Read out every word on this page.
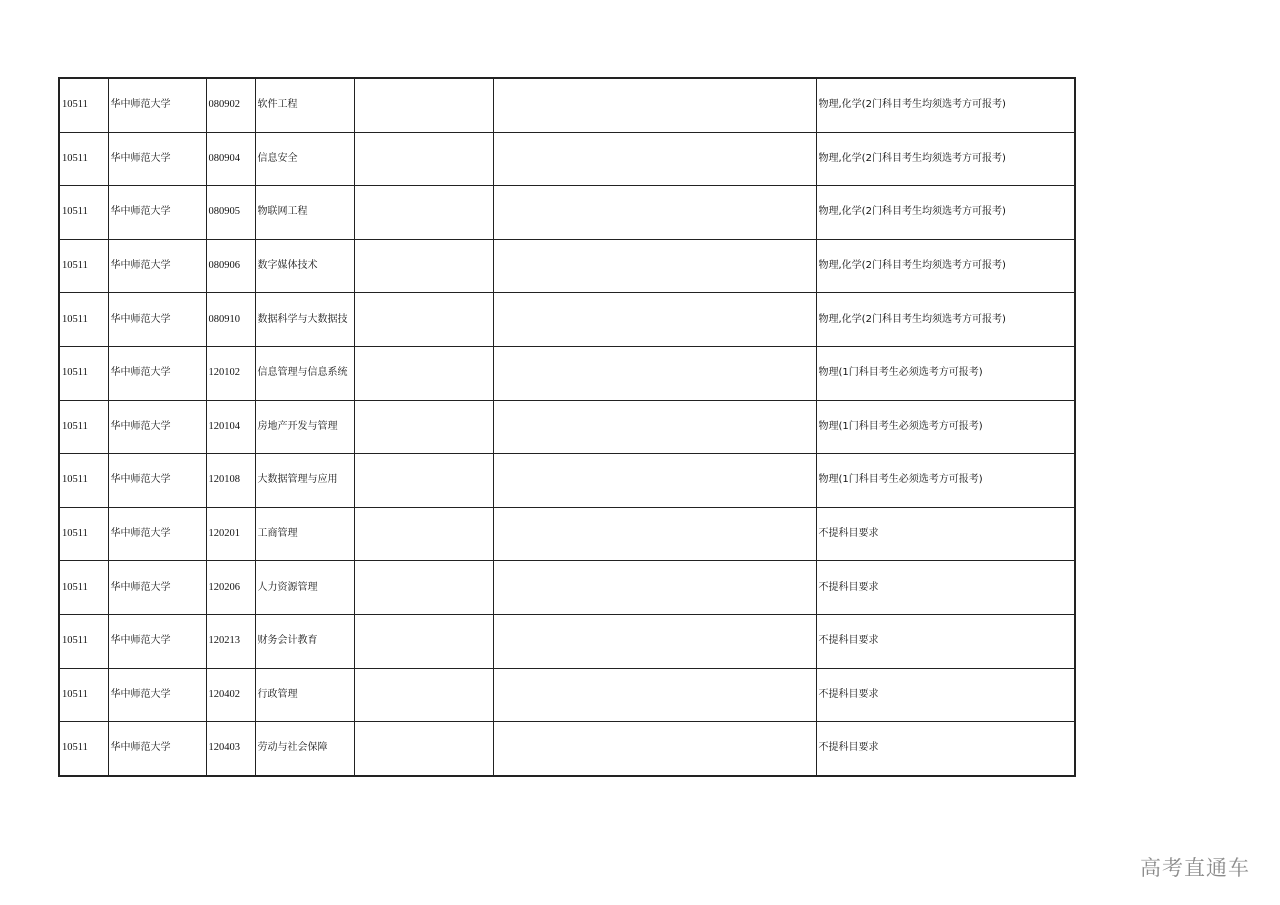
10511	华中师范大学	080902	软件工程			物理,化学(2门科目考生均须选考方可报考)
10511	华中师范大学	080904	信息安全			物理,化学(2门科目考生均须选考方可报考)
10511	华中师范大学	080905	物联网工程			物理,化学(2门科目考生均须选考方可报考)
10511	华中师范大学	080906	数字媒体技术			物理,化学(2门科目考生均须选考方可报考)
10511	华中师范大学	080910	数据科学与大数据技			物理,化学(2门科目考生均须选考方可报考)
10511	华中师范大学	120102	信息管理与信息系统			物理(1门科目考生必须选考方可报考)
10511	华中师范大学	120104	房地产开发与管理			物理(1门科目考生必须选考方可报考)
10511	华中师范大学	120108	大数据管理与应用			物理(1门科目考生必须选考方可报考)
10511	华中师范大学	120201	工商管理			不提科目要求
10511	华中师范大学	120206	人力资源管理			不提科目要求
10511	华中师范大学	120213	财务会计教育			不提科目要求
10511	华中师范大学	120402	行政管理			不提科目要求
10511	华中师范大学	120403	劳动与社会保障			不提科目要求
高考直通车
